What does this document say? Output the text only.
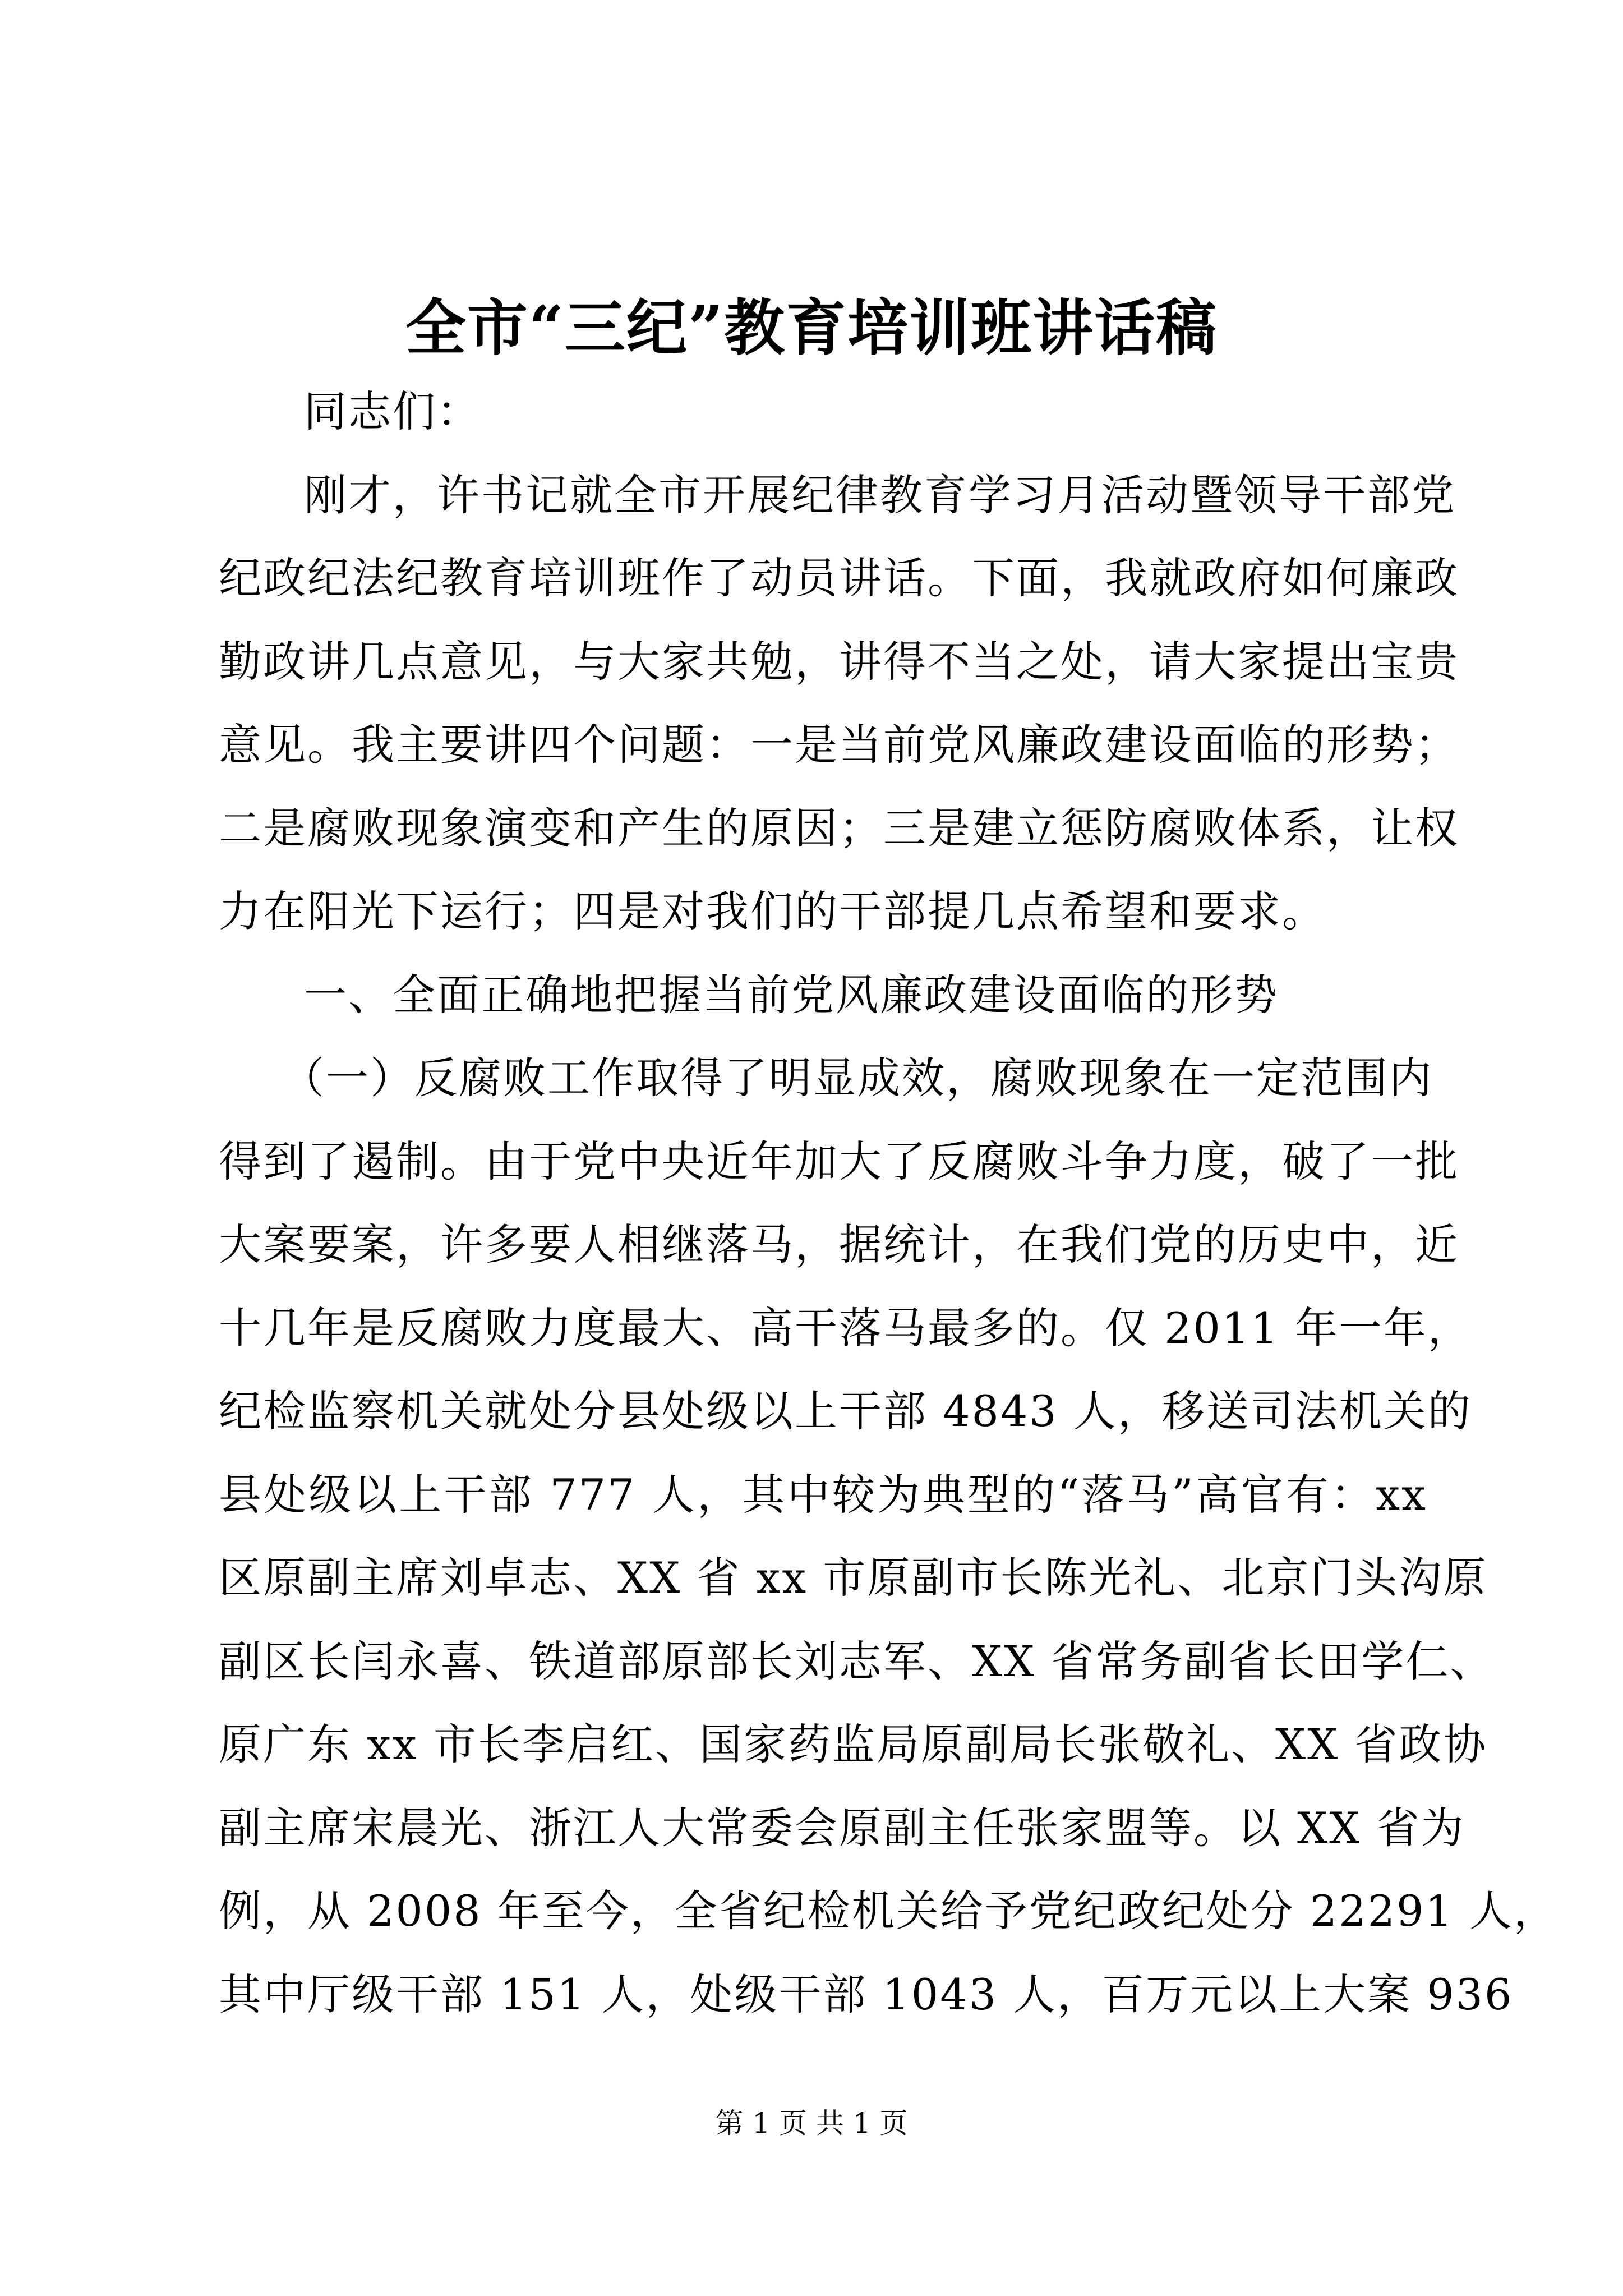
全市“三纪”教育培训班讲话稿
同志们：
刚才，许书记就全市开展纪律教育学习月活动暨领导干部党
纪政纪法纪教育培训班作了动员讲话。下面，我就政府如何廉政
勤政讲几点意见，与大家共勉，讲得不当之处，请大家提出宝贵
意见。我主要讲四个问题：一是当前党风廉政建设面临的形势；
二是腐败现象演变和产生的原因；三是建立惩防腐败体系，让权
力在阳光下运行；四是对我们的干部提几点希望和要求。
一、全面正确地把握当前党风廉政建设面临的形势
（一）反腐败工作取得了明显成效，腐败现象在一定范围内
得到了遏制。由于党中央近年加大了反腐败斗争力度，破了一批
大案要案，许多要人相继落马，据统计，在我们党的历史中，近
十几年是反腐败力度最大、高干落马最多的。仅 2011 年一年，
纪检监察机关就处分县处级以上干部 4843 人，移送司法机关的
县处级以上干部 777 人，其中较为典型的“落马”高官有：xx
区原副主席刘卓志、XX 省 xx 市原副市长陈光礼、北京门头沟原
副区长闫永喜、铁道部原部长刘志军、XX 省常务副省长田学仁、
原广东 xx 市长李启红、国家药监局原副局长张敬礼、XX 省政协
副主席宋晨光、浙江人大常委会原副主任张家盟等。以 XX 省为
例，从 2008 年至今，全省纪检机关给予党纪政纪处分 22291 人，
其中厅级干部 151 人，处级干部 1043 人，百万元以上大案 936
第 1 页 共 1 页
